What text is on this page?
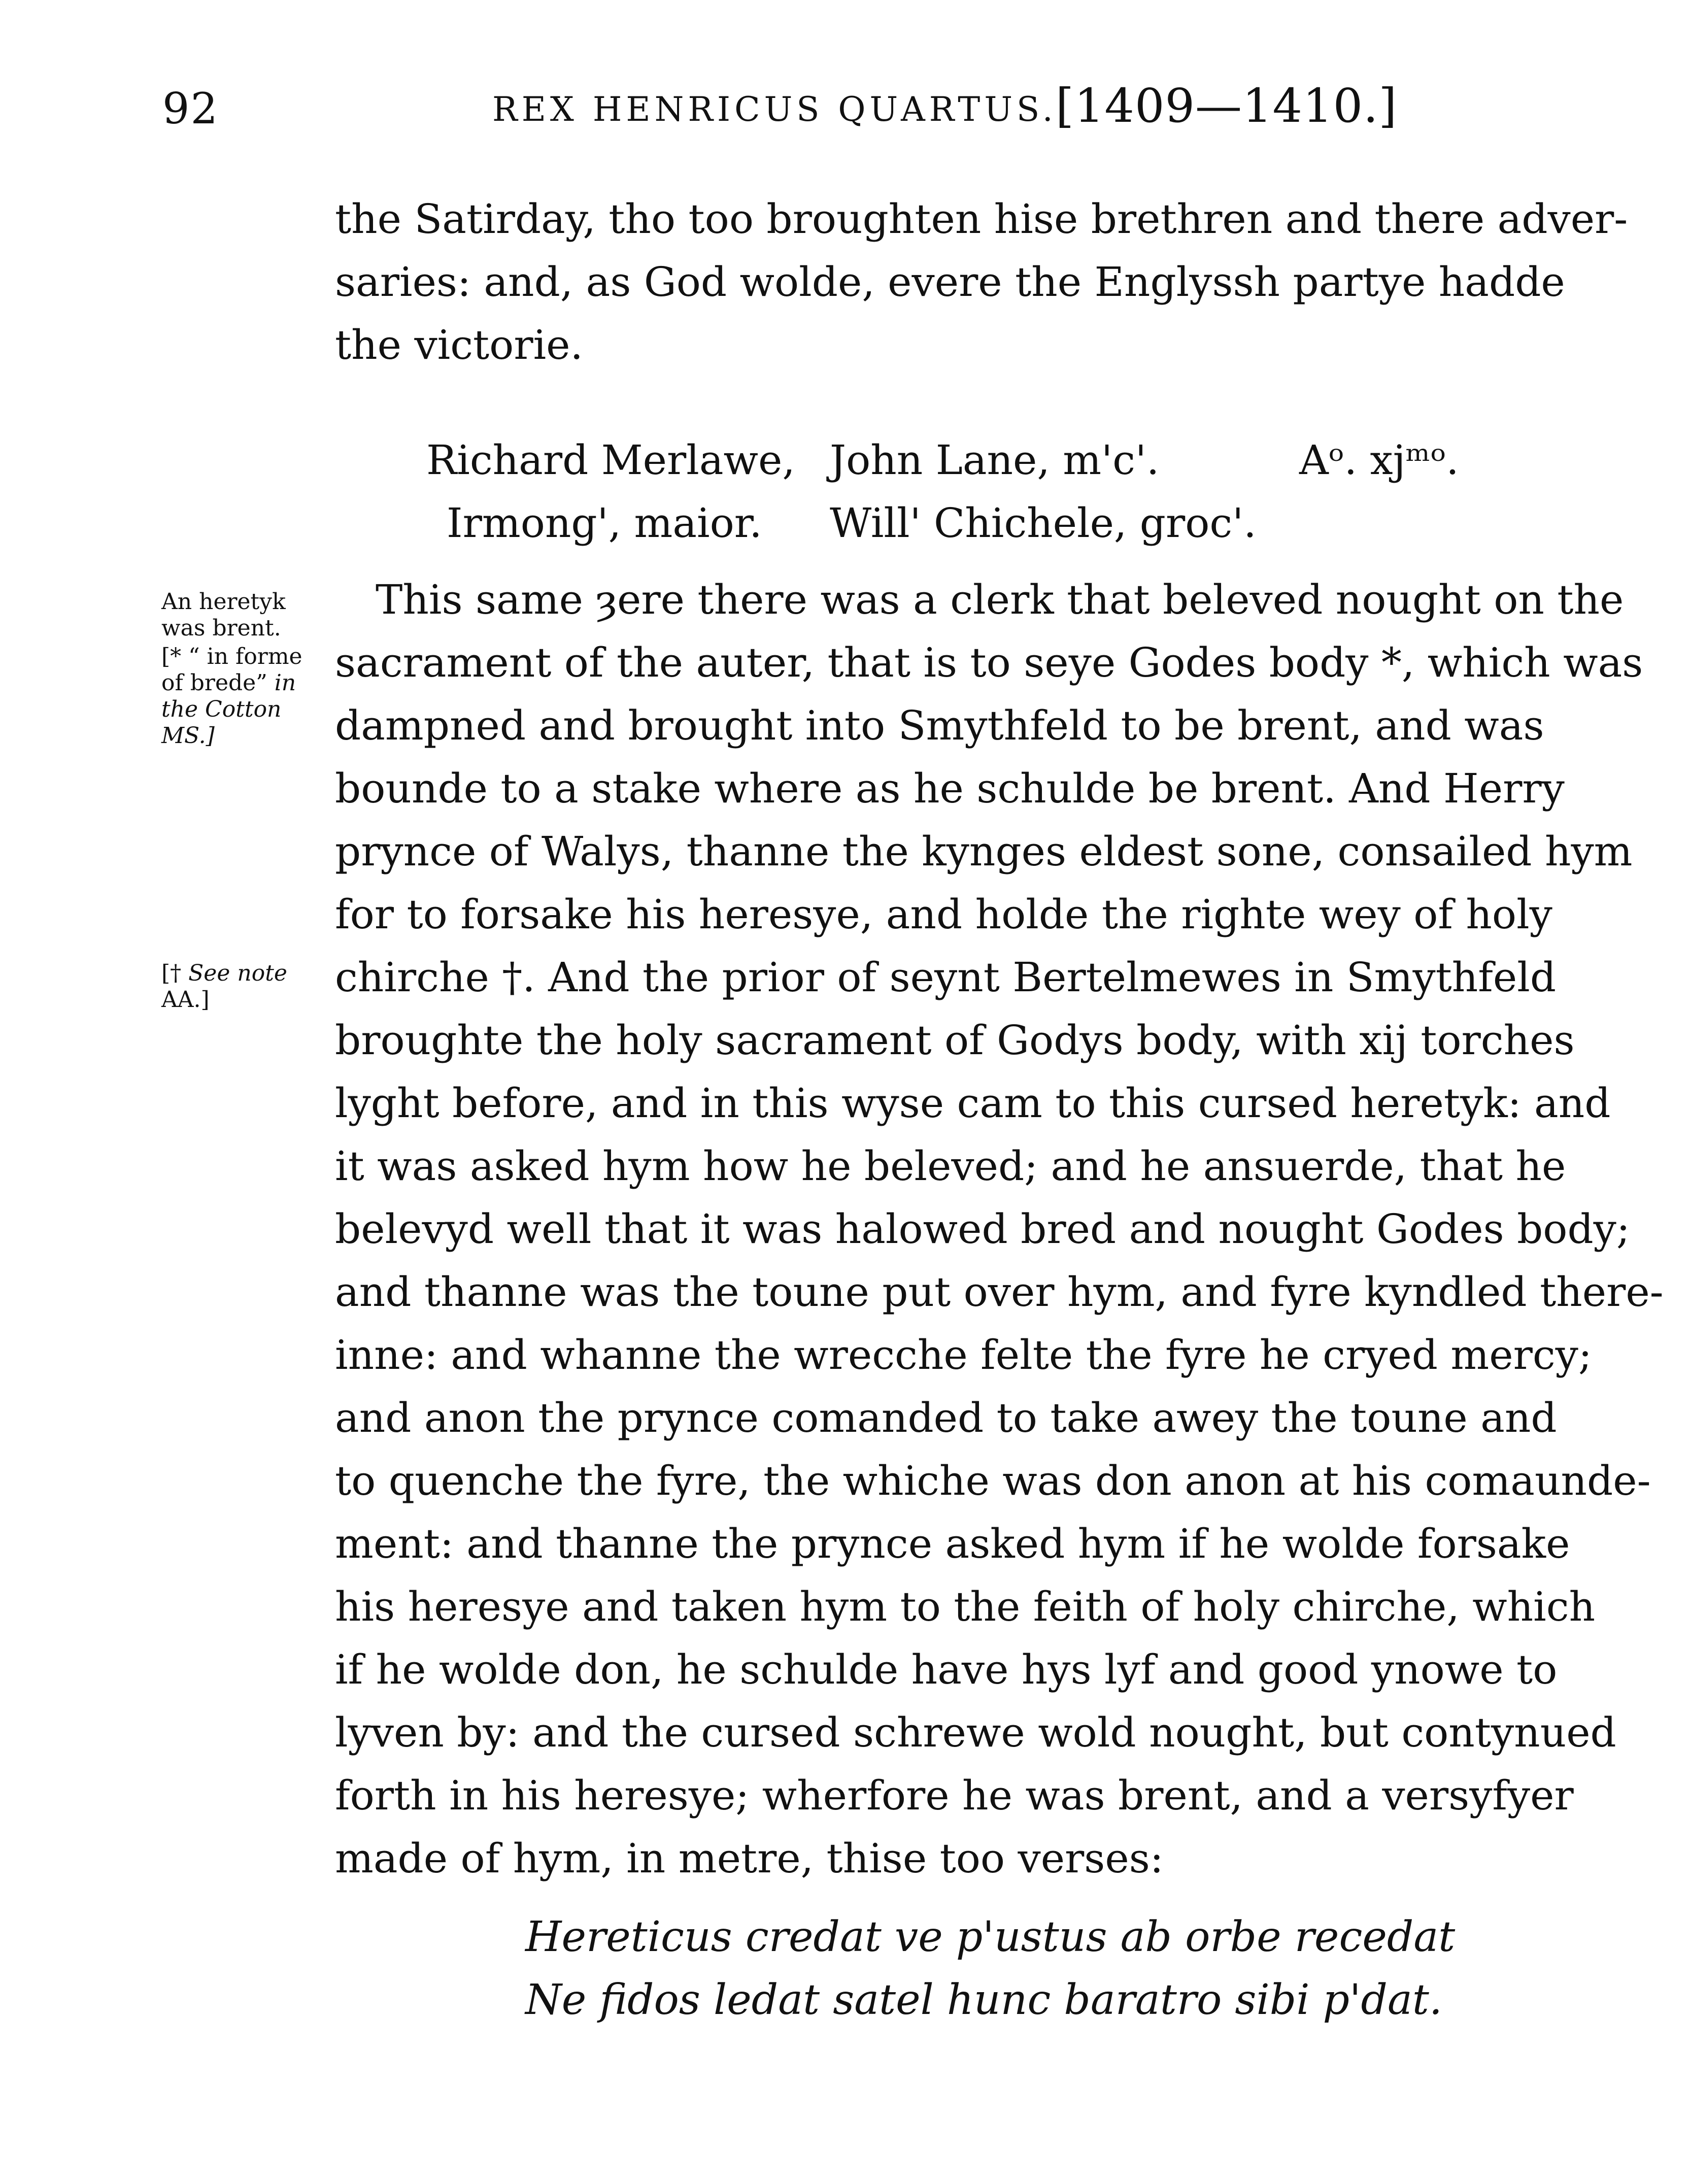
92	REX HENRICUS QUARTUS.
[1409—1410.]
the Satirday, tho too broughten hise brethren and there adver-
saries: and, as God wolde, evere the Englyssh partye hadde
the victorie.
Richard Merlawe,
Irmong', maior.
John Lane, m'c'.
Will' Chichele, groc'.
Aᵒ. xjᵐᵒ.
An heretyk
was brent.
[* “ in forme
of brede” in
the Cotton
MS.]
[† See note
AA.]
This same ȝere there was a clerk that beleved nought on the
sacrament of the auter, that is to seye Godes body *, which was
dampned and brought into Smythfeld to be brent, and was
bounde to a stake where as he schulde be brent. And Herry
prynce of Walys, thanne the kynges eldest sone, consailed hym
for to forsake his heresye, and holde the righte wey of holy
chirche †. And the prior of seynt Bertelmewes in Smythfeld
broughte the holy sacrament of Godys body, with xij torches
lyght before, and in this wyse cam to this cursed heretyk: and
it was asked hym how he beleved; and he ansuerde, that he
belevyd well that it was halowed bred and nought Godes body;
and thanne was the toune put over hym, and fyre kyndled there-
inne: and whanne the wrecche felte the fyre he cryed mercy;
and anon the prynce comanded to take awey the toune and
to quenche the fyre, the whiche was don anon at his comaunde-
ment: and thanne the prynce asked hym if he wolde forsake
his heresye and taken hym to the feith of holy chirche, which
if he wolde don, he schulde have hys lyf and good ynowe to
lyven by: and the cursed schrewe wold nought, but contynued
forth in his heresye; wherfore he was brent, and a versyfyer
made of hym, in metre, thise too verses:
Hereticus credat ve p'ustus ab orbe recedat
Ne fidos ledat satel hunc baratro sibi p'dat.
